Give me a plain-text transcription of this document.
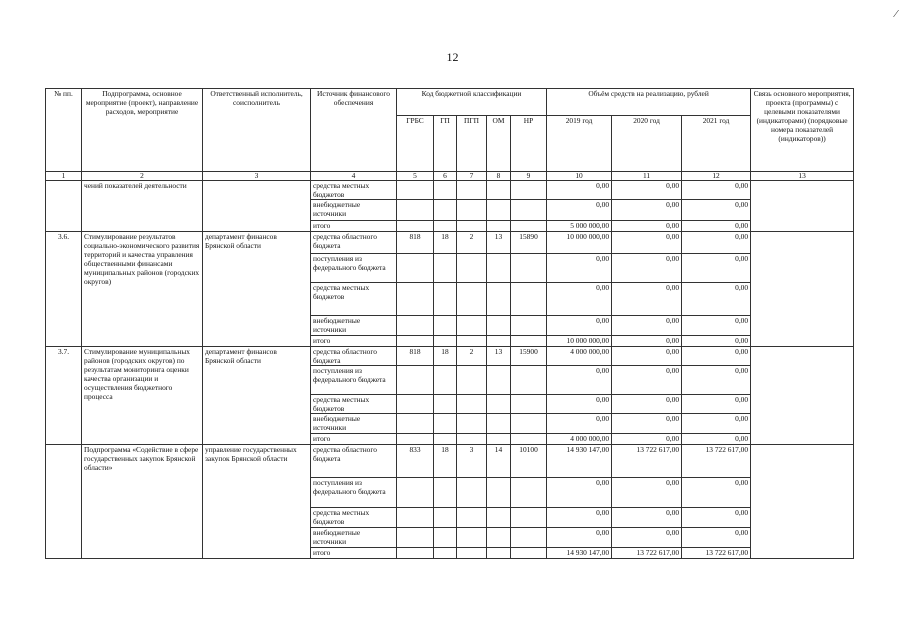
12
⁄
№ пп.	Подпрограмма, основное мероприятие (проект), направление расходов, мероприятие	Ответственный исполнитель, соисполнитель	Источник финансового обеспечения	Код бюджетной классификации					Объём средств на реализацию, рублей			Связь основного мероприятия, проекта (программы) с целевыми показателями (индикаторами) (порядковые номера показателей (индикаторов))
				ГРБС	ГП	ПГП	ОМ	НР	2019 год	2020 год	2021 год	
1	2	3	4	5	6	7	8	9	10	11	12	13
	чений показателей деятельности		средства местных бюджетов						0,00	0,00	0,00	
			внебюджетные источники						0,00	0,00	0,00	
			итого						5 000 000,00	0,00	0,00	
3.6.	Стимулирование результатов социально-экономического развития территорий и качества управления общественными финансами муниципальных районов (городских округов)	департамент финансов Брянской области	средства областного бюджета	818	18	2	13	15890	10 000 000,00	0,00	0,00	
			поступления из федерального бюджета						0,00	0,00	0,00	
			средства местных бюджетов						0,00	0,00	0,00	
			внебюджетные источники						0,00	0,00	0,00	
			итого						10 000 000,00	0,00	0,00	
3.7.	Стимулирование муниципальных районов (городских округов) по результатам мониторинга оценки качества организации и осуществления бюджетного процесса	департамент финансов Брянской области	средства областного бюджета	818	18	2	13	15900	4 000 000,00	0,00	0,00	
			поступления из федерального бюджета						0,00	0,00	0,00	
			средства местных бюджетов						0,00	0,00	0,00	
			внебюджетные источники						0,00	0,00	0,00	
			итого						4 000 000,00	0,00	0,00	
	Подпрограмма «Содействие в сфере государственных закупок Брянской области»	управление государственных закупок Брянской области	средства областного бюджета	833	18	3	14	10100	14 930 147,00	13 722 617,00	13 722 617,00	
			поступления из федерального бюджета						0,00	0,00	0,00	
			средства местных бюджетов						0,00	0,00	0,00	
			внебюджетные источники						0,00	0,00	0,00	
			итого						14 930 147,00	13 722 617,00	13 722 617,00	
